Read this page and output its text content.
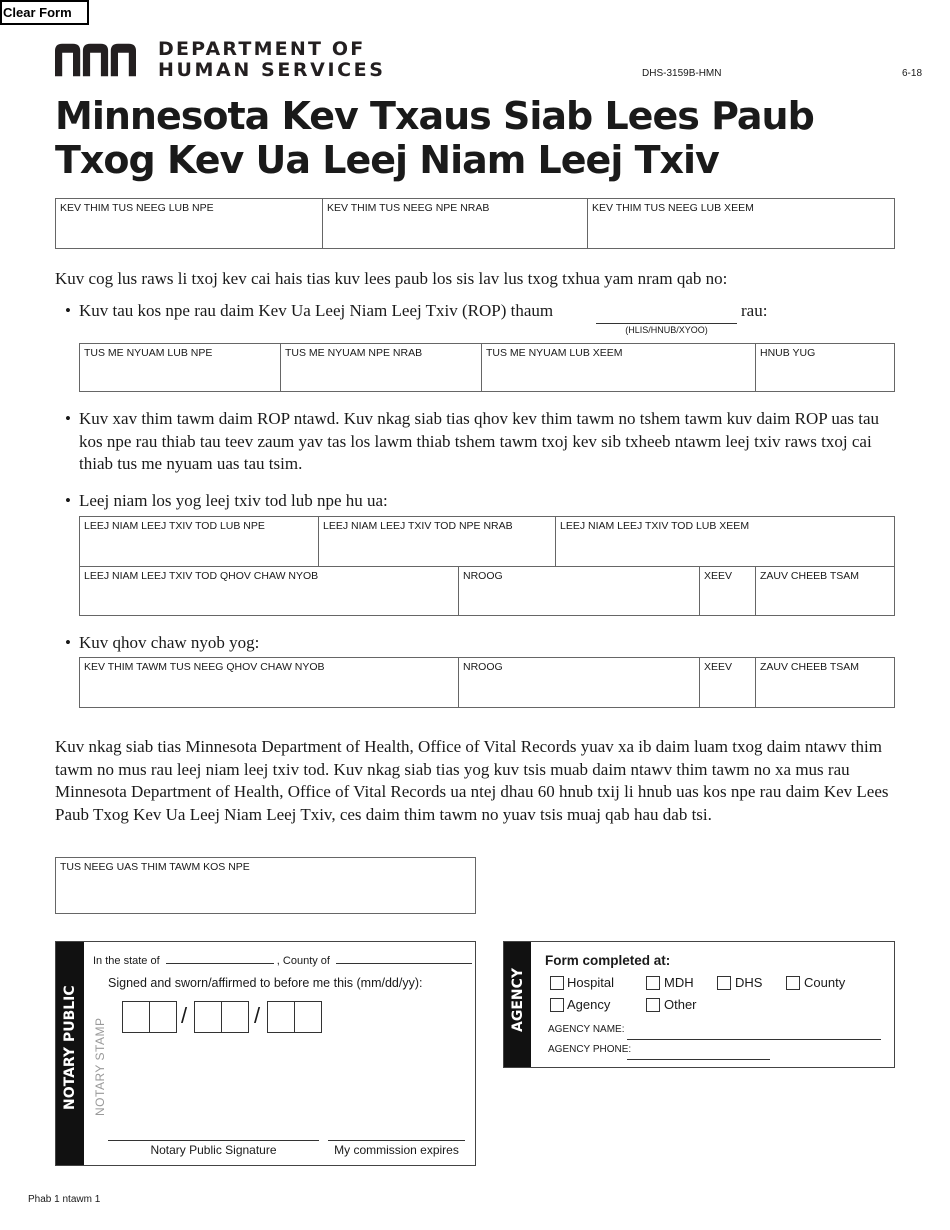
Clear Form
DEPARTMENT OF
HUMAN SERVICES	DHS-3159B-HMN	6-18
Minnesota Kev Txaus Siab Lees Paub Txog Kev Ua Leej Niam Leej Txiv
KEV THIM TUS NEEG LUB NPE	KEV THIM TUS NEEG NPE NRAB	KEV THIM TUS NEEG LUB XEEM
Kuv cog lus raws li txoj kev cai hais tias kuv lees paub los sis lav lus txog txhua yam nram qab no:
• Kuv tau kos npe rau daim Kev Ua Leej Niam Leej Txiv (ROP) thaum
(HLIS/HNUB/XYOO)
rau:
TUS ME NYUAM LUB NPE	TUS ME NYUAM NPE NRAB	TUS ME NYUAM LUB XEEM	HNUB YUG
• Kuv xav thim tawm daim ROP ntawd. Kuv nkag siab tias qhov kev thim tawm no tshem tawm kuv daim ROP uas tau kos npe rau thiab tau teev zaum yav tas los lawm thiab tshem tawm txoj kev sib txheeb ntawm leej txiv raws txoj cai thiab tus me nyuam uas tau tsim.
• Leej niam los yog leej txiv tod lub npe hu ua:
LEEJ NIAM LEEJ TXIV TOD LUB NPE	LEEJ NIAM LEEJ TXIV TOD NPE NRAB	LEEJ NIAM LEEJ TXIV TOD LUB XEEM
LEEJ NIAM LEEJ TXIV TOD QHOV CHAW NYOB	NROOG	XEEV	ZAUV CHEEB TSAM
• Kuv qhov chaw nyob yog:
KEV THIM TAWM TUS NEEG QHOV CHAW NYOB	NROOG	XEEV	ZAUV CHEEB TSAM
Kuv nkag siab tias Minnesota Department of Health, Office of Vital Records yuav xa ib daim luam txog daim ntawv thim tawm no mus rau leej niam leej txiv tod. Kuv nkag siab tias yog kuv tsis muab daim ntawv thim tawm no xa mus rau Minnesota Department of Health, Office of Vital Records ua ntej dhau 60 hnub txij li hnub uas kos npe rau daim Kev Lees Paub Txog Kev Ua Leej Niam Leej Txiv, ces daim thim tawm no yuav tsis muaj qab hau dab tsi.
TUS NEEG UAS THIM TAWM KOS NPE
NOTARY PUBLIC
In the state of	, County of
Signed and sworn/affirmed to before me this (mm/dd/yy):
/	/
NOTARY STAMP
Notary Public Signature	My commission expires
AGENCY
Form completed at:
Hospital	MDH	DHS	County
Agency	Other
AGENCY NAME:
AGENCY PHONE:
Phab 1 ntawm 1
